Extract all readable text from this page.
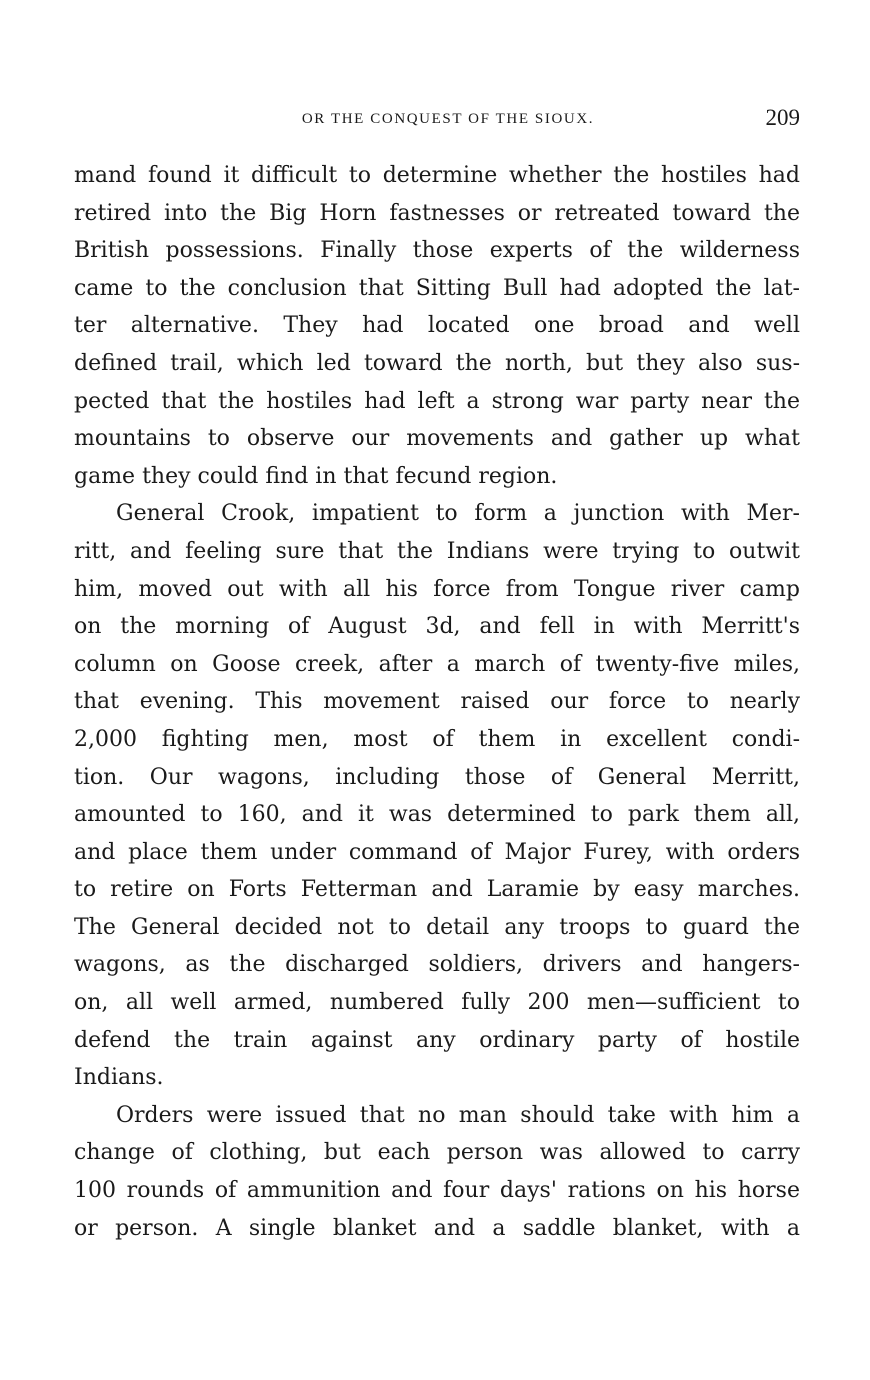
OR THE CONQUEST OF THE SIOUX.	209
mand found it difficult to determine whether the hostiles had
retired into the Big Horn fastnesses or retreated toward the
British possessions. Finally those experts of the wilderness
came to the conclusion that Sitting Bull had adopted the lat-
ter alternative. They had located one broad and well
defined trail, which led toward the north, but they also sus-
pected that the hostiles had left a strong war party near the
mountains to observe our movements and gather up what
game they could find in that fecund region.
General Crook, impatient to form a junction with Mer-
ritt, and feeling sure that the Indians were trying to outwit
him, moved out with all his force from Tongue river camp
on the morning of August 3d, and fell in with Merritt's
column on Goose creek, after a march of twenty-five miles,
that evening. This movement raised our force to nearly
2,000 fighting men, most of them in excellent condi-
tion. Our wagons, including those of General Merritt,
amounted to 160, and it was determined to park them all,
and place them under command of Major Furey, with orders
to retire on Forts Fetterman and Laramie by easy marches.
The General decided not to detail any troops to guard the
wagons, as the discharged soldiers, drivers and hangers-
on, all well armed, numbered fully 200 men—sufficient to
defend the train against any ordinary party of hostile
Indians.
Orders were issued that no man should take with him a
change of clothing, but each person was allowed to carry
100 rounds of ammunition and four days' rations on his horse
or person. A single blanket and a saddle blanket, with a
